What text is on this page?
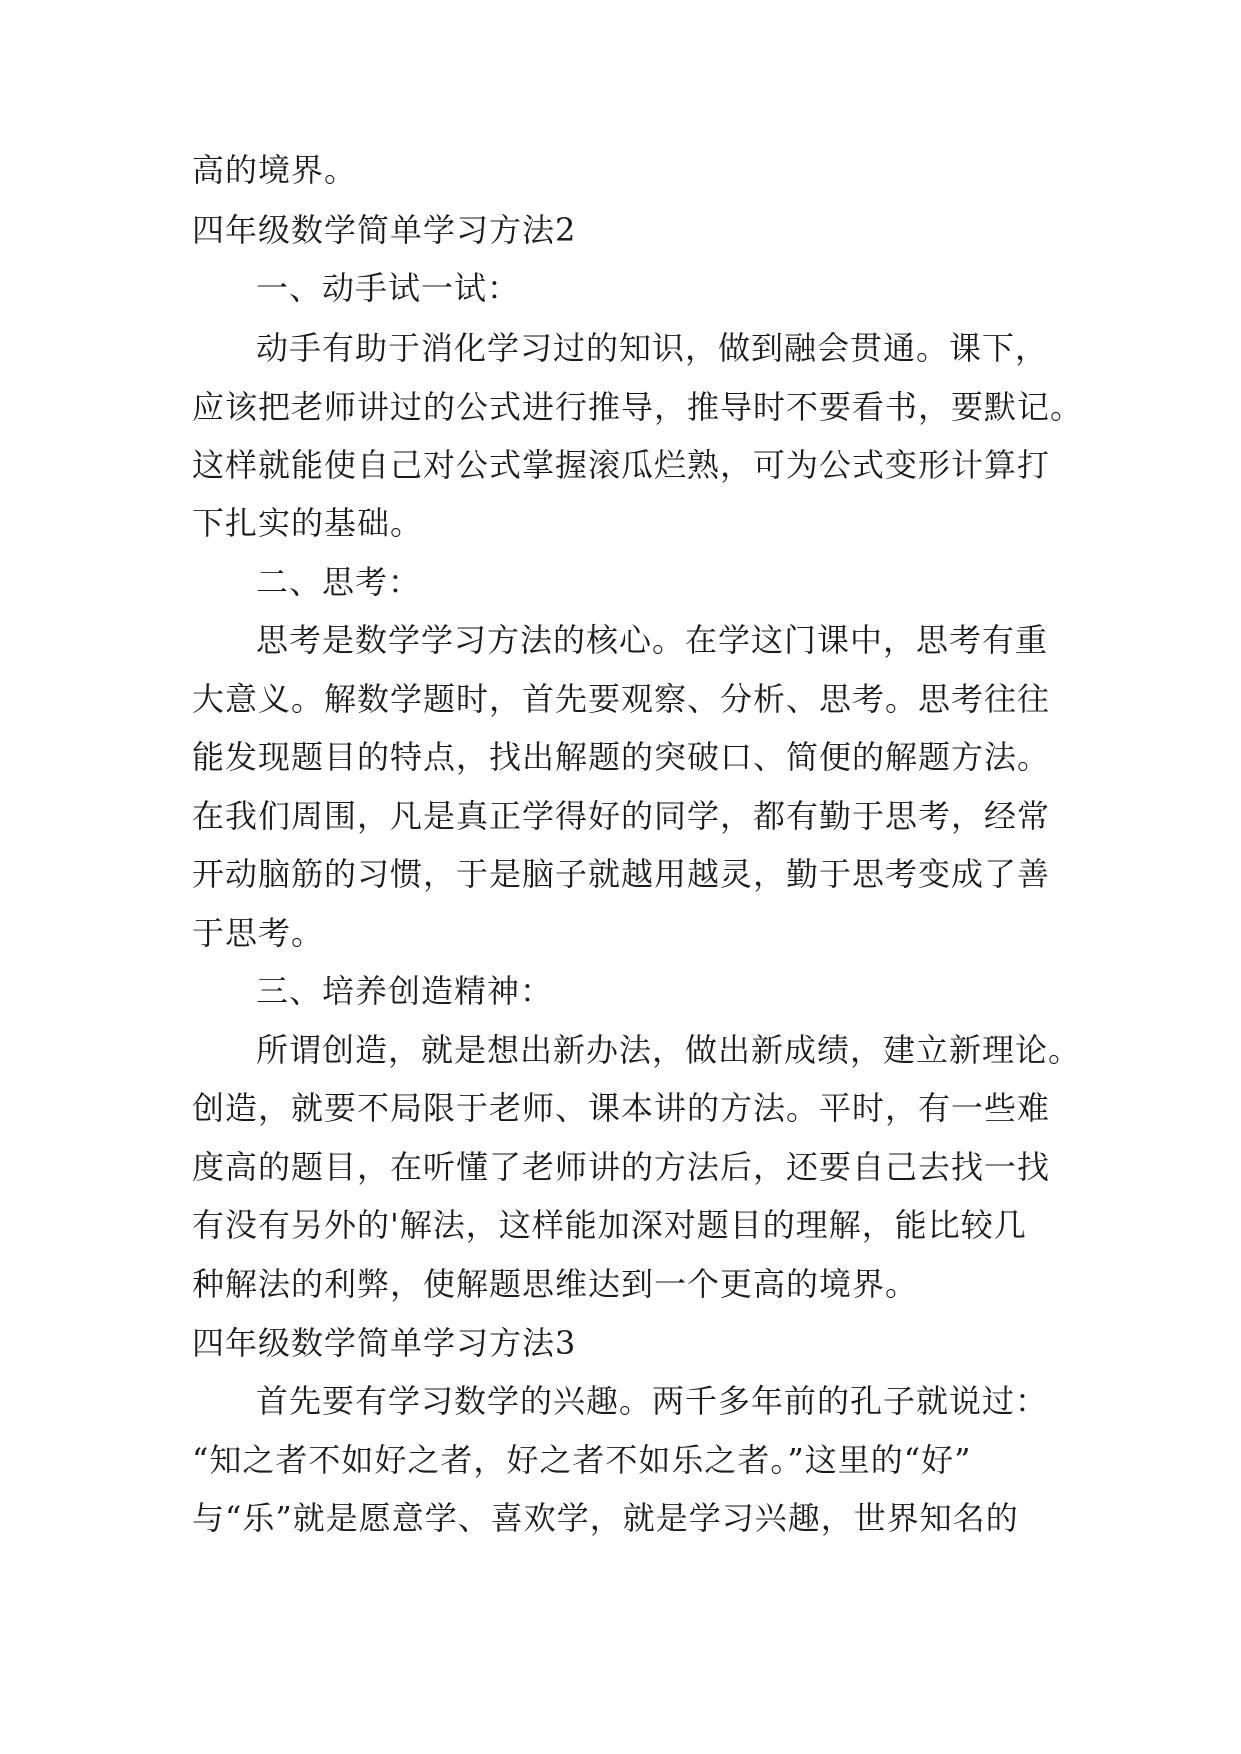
高的境界。
四年级数学简单学习方法2
一、动手试一试：
动手有助于消化学习过的知识，做到融会贯通。课下，
应该把老师讲过的公式进行推导，推导时不要看书，要默记。
这样就能使自己对公式掌握滚瓜烂熟，可为公式变形计算打
下扎实的基础。
二、思考：
思考是数学学习方法的核心。在学这门课中，思考有重
大意义。解数学题时，首先要观察、分析、思考。思考往往
能发现题目的特点，找出解题的突破口、简便的解题方法。
在我们周围，凡是真正学得好的同学，都有勤于思考，经常
开动脑筋的习惯，于是脑子就越用越灵，勤于思考变成了善
于思考。
三、培养创造精神：
所谓创造，就是想出新办法，做出新成绩，建立新理论。
创造，就要不局限于老师、课本讲的方法。平时，有一些难
度高的题目，在听懂了老师讲的方法后，还要自己去找一找
有没有另外的'解法，这样能加深对题目的理解，能比较几
种解法的利弊，使解题思维达到一个更高的境界。
四年级数学简单学习方法3
首先要有学习数学的兴趣。两千多年前的孔子就说过：
“知之者不如好之者，好之者不如乐之者。”这里的“好”
与“乐”就是愿意学、喜欢学，就是学习兴趣，世界知名的
